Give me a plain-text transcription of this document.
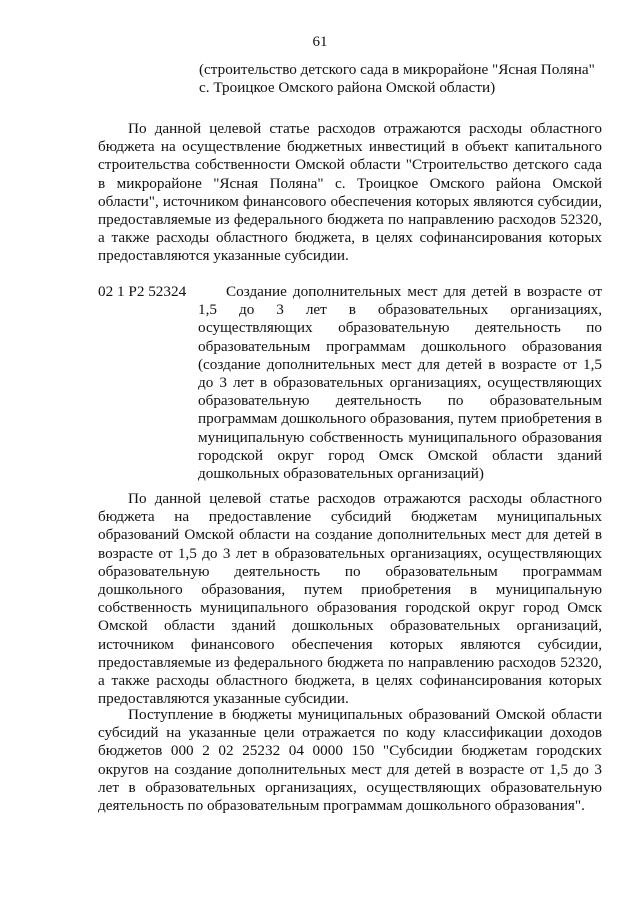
61

(строительство детского сада в микрорайоне "Ясная Поляна"

с. Троицкое Омского района Омской области)

По данной целевой статье расходов отражаются расходы областного бюджета на осуществление бюджетных инвестиций в объект капитального строительства собственности Омской области "Строительство детского сада в микрорайоне "Ясная Поляна" с. Троицкое Омского района Омской области", источником финансового обеспечения которых являются субсидии, предоставляемые из федерального бюджета по направлению расходов 52320, а также расходы областного бюджета, в целях софинансирования которых предоставляются указанные субсидии.

02 1 P2 52324	Создание дополнительных мест для детей в возрасте от 1,5 до 3 лет в образовательных организациях, осуществляющих образовательную деятельность по образовательным программам дошкольного образования (создание дополнительных мест для детей в возрасте от 1,5 до 3 лет в образовательных организациях, осуществляющих образовательную деятельность по образовательным программам дошкольного образования, путем приобретения в муниципальную собственность муниципального образования городской округ город Омск Омской области зданий дошкольных образовательных организаций)

По данной целевой статье расходов отражаются расходы областного бюджета на предоставление субсидий бюджетам муниципальных образований Омской области на создание дополнительных мест для детей в возрасте от 1,5 до 3 лет в образовательных организациях, осуществляющих образовательную деятельность по образовательным программам дошкольного образования, путем приобретения в муниципальную собственность муниципального образования городской округ город Омск Омской области зданий дошкольных образовательных организаций, источником финансового обеспечения которых являются субсидии, предоставляемые из федерального бюджета по направлению расходов 52320, а также расходы областного бюджета, в целях софинансирования которых предоставляются указанные субсидии.

Поступление в бюджеты муниципальных образований Омской области субсидий на указанные цели отражается по коду классификации доходов бюджетов 000 2 02 25232 04 0000 150 "Субсидии бюджетам городских округов на создание дополнительных мест для детей в возрасте от 1,5 до 3 лет в образовательных организациях, осуществляющих образовательную деятельность по образовательным программам дошкольного образования".
